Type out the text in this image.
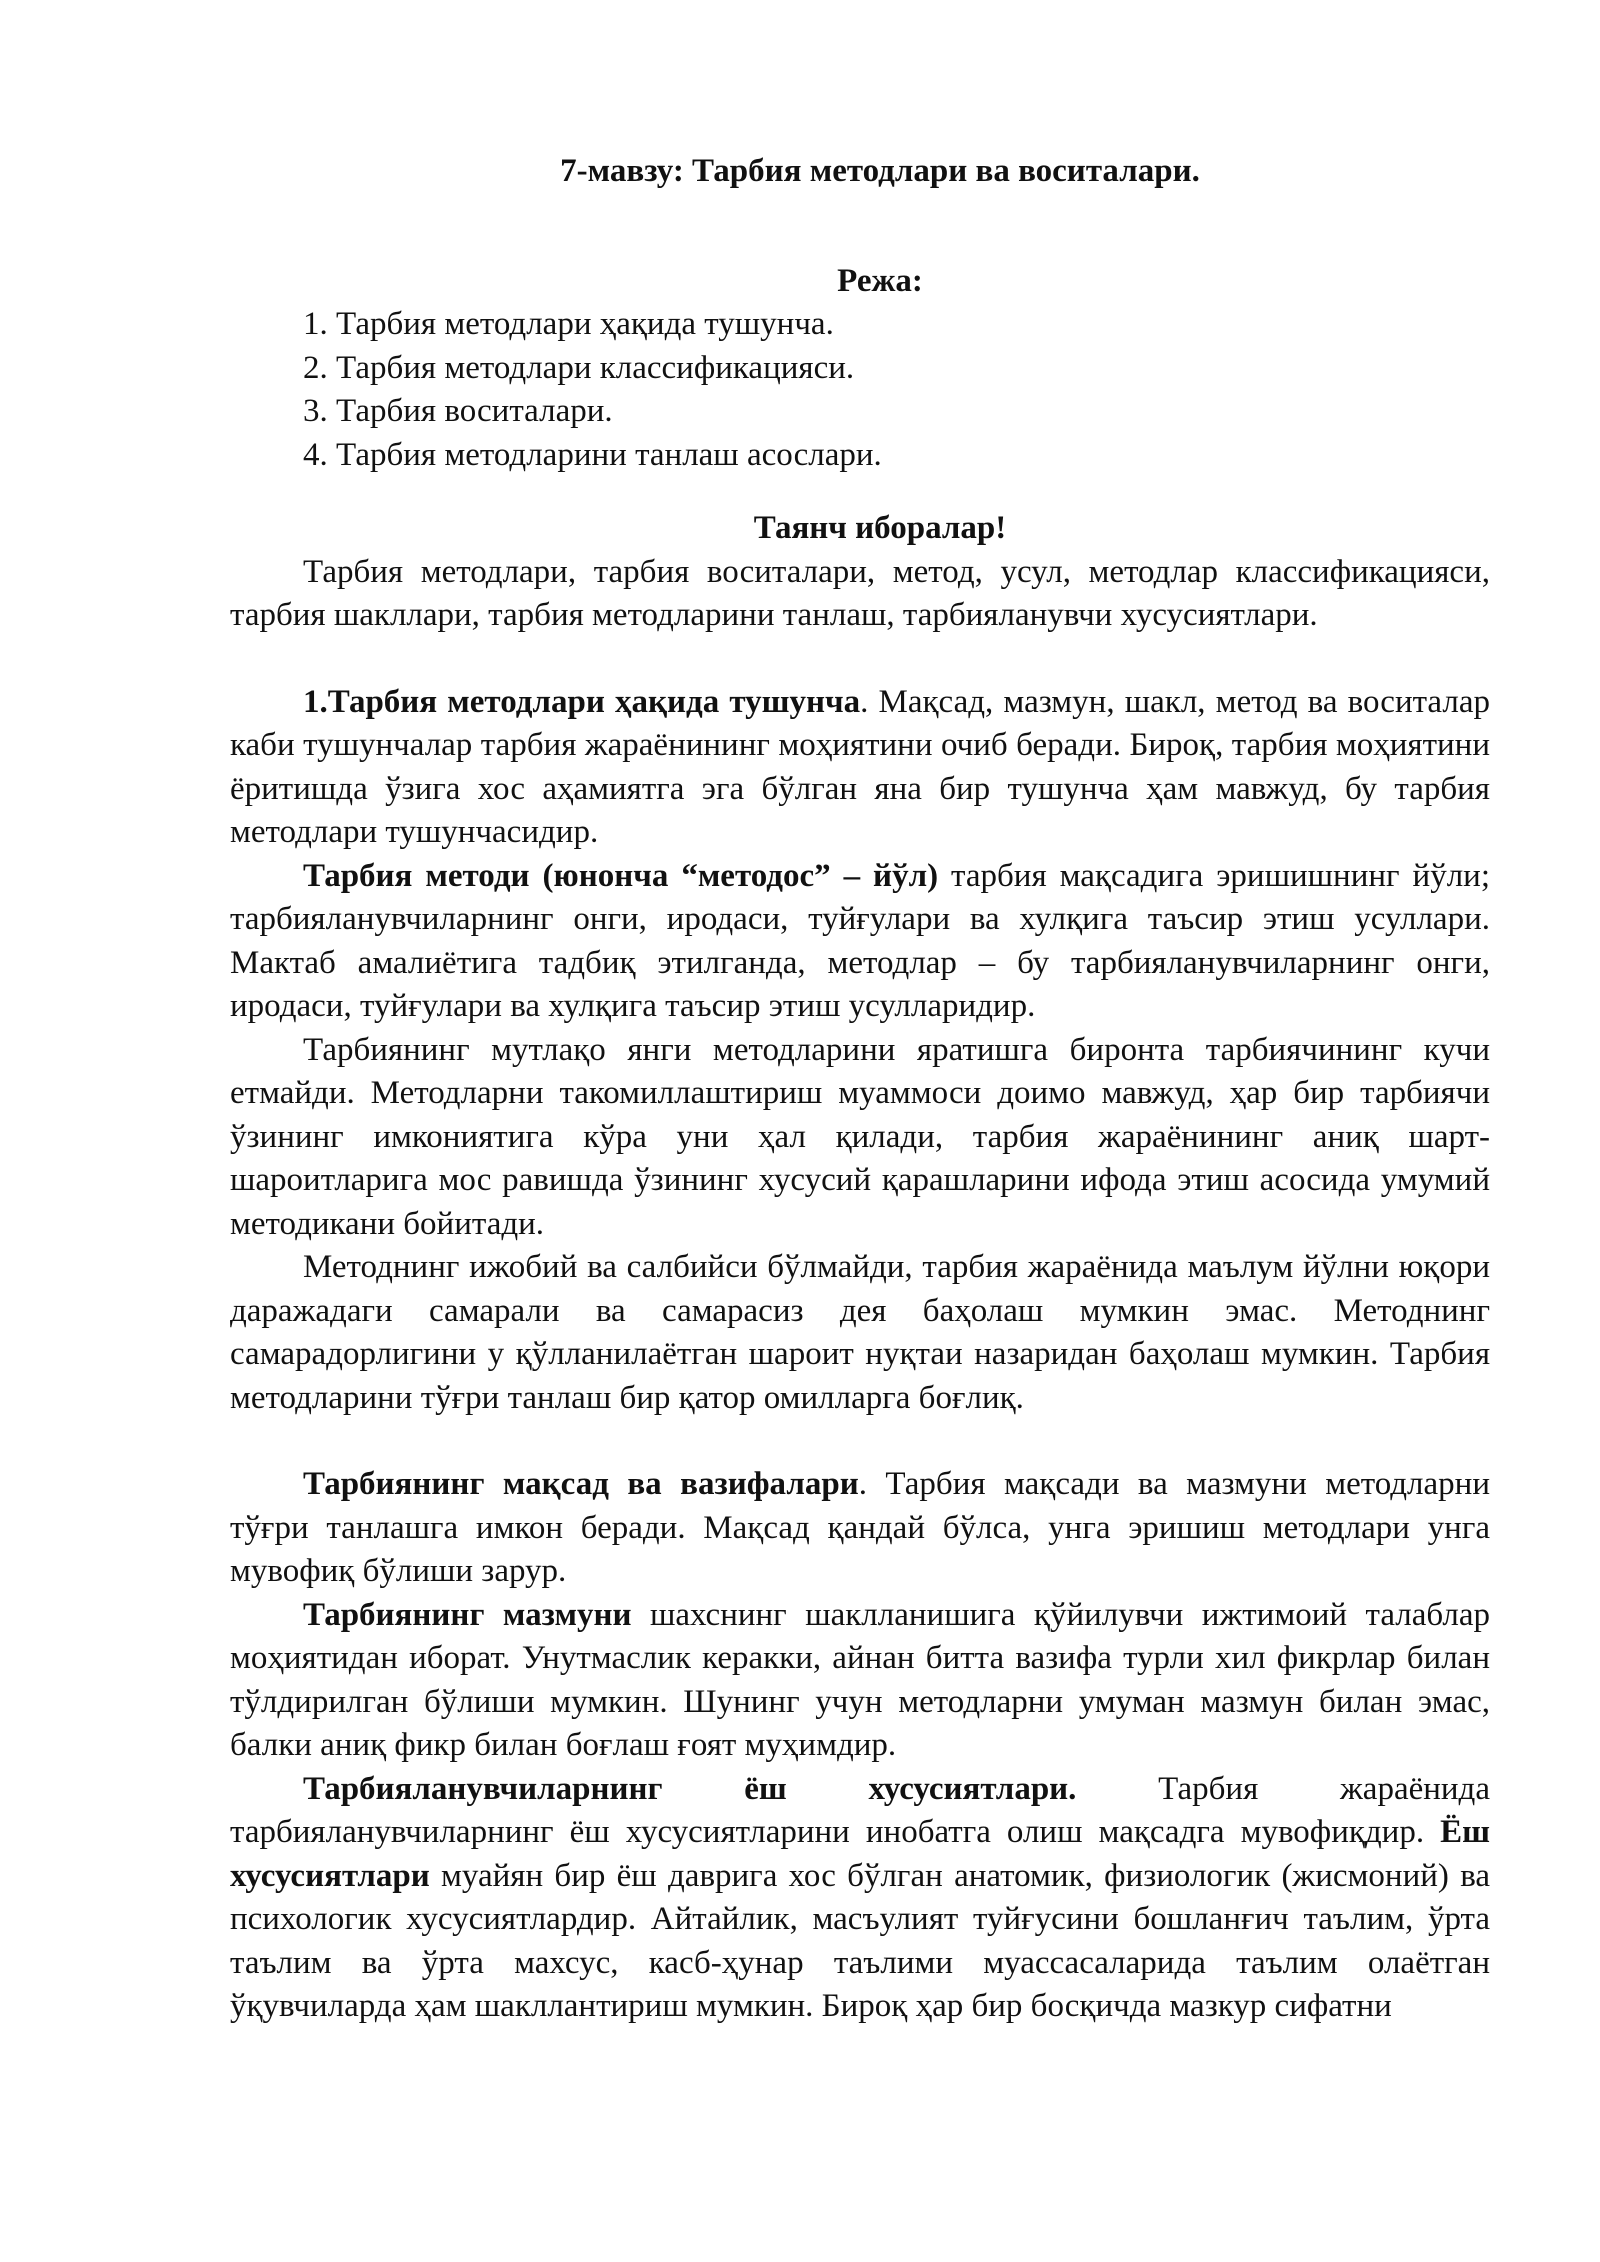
7-мавзу: Тарбия методлари ва воситалари.

Режа:

1. Тарбия методлари ҳақида тушунча.
2. Тарбия методлари классификацияси.
3. Тарбия воситалари.
4. Тарбия методларини танлаш асослари.

Таянч иборалар!

Тарбия методлари, тарбия воситалари, метод, усул, методлар классификацияси, тарбия шакллари, тарбия методларини танлаш, тарбияланувчи хусусиятлари.

1.Тарбия методлари ҳақида тушунча. Мақсад, мазмун, шакл, метод ва воситалар каби тушунчалар тарбия жараёнининг моҳиятини очиб беради. Бироқ, тарбия моҳиятини ёритишда ўзига хос аҳамиятга эга бўлган яна бир тушунча ҳам мавжуд, бу тарбия методлари тушунчасидир.

Тарбия методи (юнонча “методос” – йўл) тарбия мақсадига эришишнинг йўли; тарбияланувчиларнинг онги, иродаси, туйғулари ва хулқига таъсир этиш усуллари. Мактаб амалиётига тадбиқ этилганда, методлар – бу тарбияланувчиларнинг онги, иродаси, туйғулари ва хулқига таъсир этиш усулларидир.

Тарбиянинг мутлақо янги методларини яратишга биронта тарбиячининг кучи етмайди. Методларни такомиллаштириш муаммоси доимо мавжуд, ҳар бир тарбиячи ўзининг имкониятига кўра уни ҳал қилади, тарбия жараёнининг аниқ шарт-шароитларига мос равишда ўзининг хусусий қарашларини ифода этиш асосида умумий методикани бойитади.

Методнинг ижобий ва салбийси бўлмайди, тарбия жараёнида маълум йўлни юқори даражадаги самарали ва самарасиз дея баҳолаш мумкин эмас. Методнинг самарадорлигини у қўлланилаётган шароит нуқтаи назаридан баҳолаш мумкин. Тарбия методларини тўғри танлаш бир қатор омилларга боғлиқ.

Тарбиянинг мақсад ва вазифалари. Тарбия мақсади ва мазмуни методларни тўғри танлашга имкон беради. Мақсад қандай бўлса, унга эришиш методлари унга мувофиқ бўлиши зарур.

Тарбиянинг мазмуни шахснинг шаклланишига қўйилувчи ижтимоий талаблар моҳиятидан иборат. Унутмаслик керакки, айнан битта вазифа турли хил фикрлар билан тўлдирилган бўлиши мумкин. Шунинг учун методларни умуман мазмун билан эмас, балки аниқ фикр билан боғлаш ғоят муҳимдир.

Тарбияланувчиларнинг ёш хусусиятлари. Тарбия жараёнида тарбияланувчиларнинг ёш хусусиятларини инобатга олиш мақсадга мувофиқдир. Ёш хусусиятлари муайян бир ёш даврига хос бўлган анатомик, физиологик (жисмоний) ва психологик хусусиятлардир. Айтайлик, масъулият туйғусини бошланғич таълим, ўрта таълим ва ўрта махсус, касб-ҳунар таълими муассасаларида таълим олаётган ўқувчиларда ҳам шакллантириш мумкин. Бироқ ҳар бир босқичда мазкур сифатни
